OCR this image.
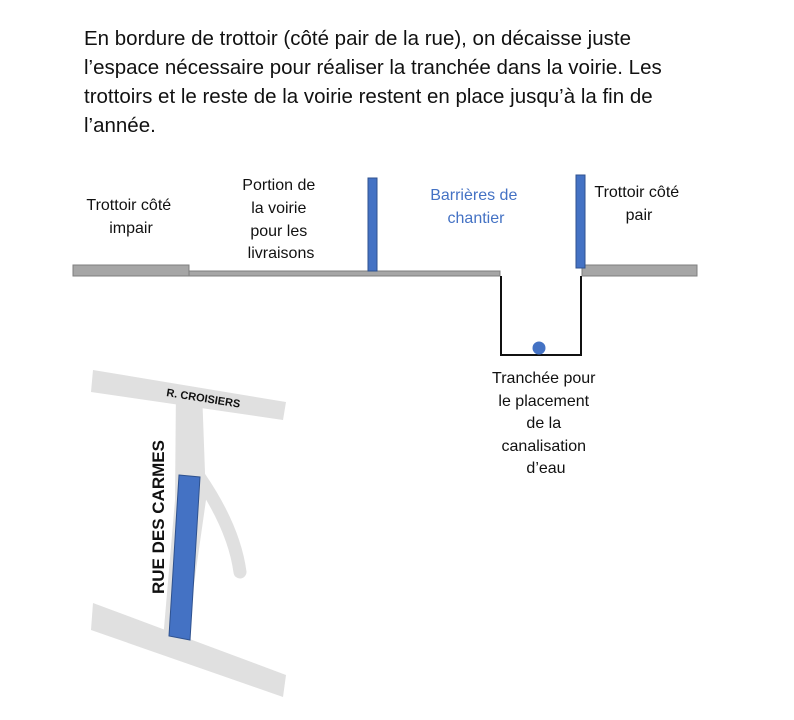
En bordure de trottoir (côté pair de la rue), on décaisse juste
l’espace nécessaire pour réaliser la tranchée dans la voirie. Les
trottoirs et le reste de la voirie restent en place jusqu’à la fin de
l’année.
Trottoir côté impair
Portion de la voirie pour les livraisons
Barrières de chantier
Trottoir côté pair
Tranchée pour le placement de la canalisation d’eau
R. CROISIERS
RUE DES CARMES
